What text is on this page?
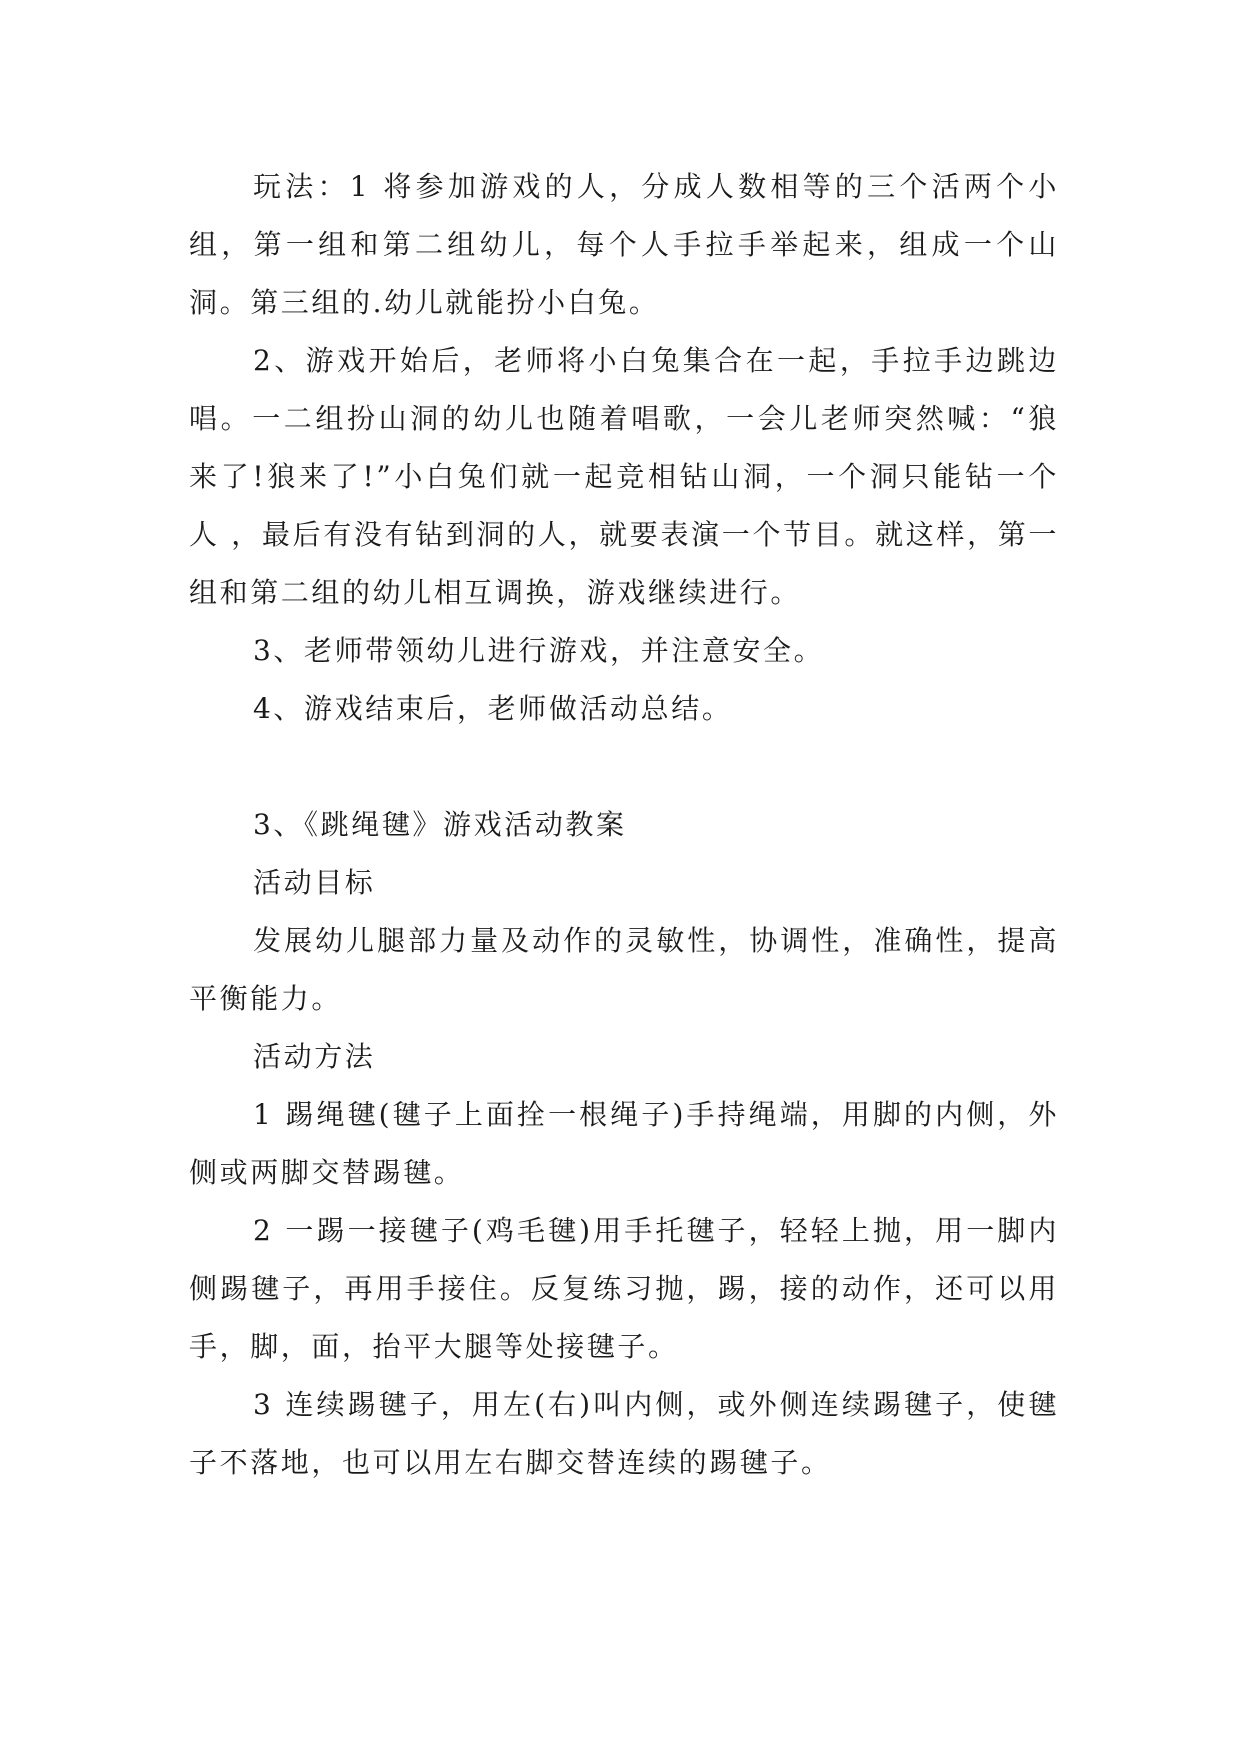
玩法：1 将参加游戏的人，分成人数相等的三个活两个小组，第一组和第二组幼儿，每个人手拉手举起来，组成一个山洞。第三组的.幼儿就能扮小白兔。

2、游戏开始后，老师将小白兔集合在一起，手拉手边跳边唱。一二组扮山洞的幼儿也随着唱歌，一会儿老师突然喊：“狼来了!狼来了!”小白兔们就一起竞相钻山洞，一个洞只能钻一个人 ，最后有没有钻到洞的人，就要表演一个节目。就这样，第一组和第二组的幼儿相互调换，游戏继续进行。

3、老师带领幼儿进行游戏，并注意安全。

4、游戏结束后，老师做活动总结。

3、《跳绳毽》游戏活动教案

活动目标

发展幼儿腿部力量及动作的灵敏性，协调性，准确性，提高平衡能力。

活动方法

1 踢绳毽(毽子上面拴一根绳子)手持绳端，用脚的内侧，外侧或两脚交替踢毽。

2 一踢一接毽子(鸡毛毽)用手托毽子，轻轻上抛，用一脚内侧踢毽子，再用手接住。反复练习抛，踢，接的动作，还可以用手，脚，面，抬平大腿等处接毽子。

3 连续踢毽子，用左(右)叫内侧，或外侧连续踢毽子，使毽子不落地，也可以用左右脚交替连续的踢毽子。
